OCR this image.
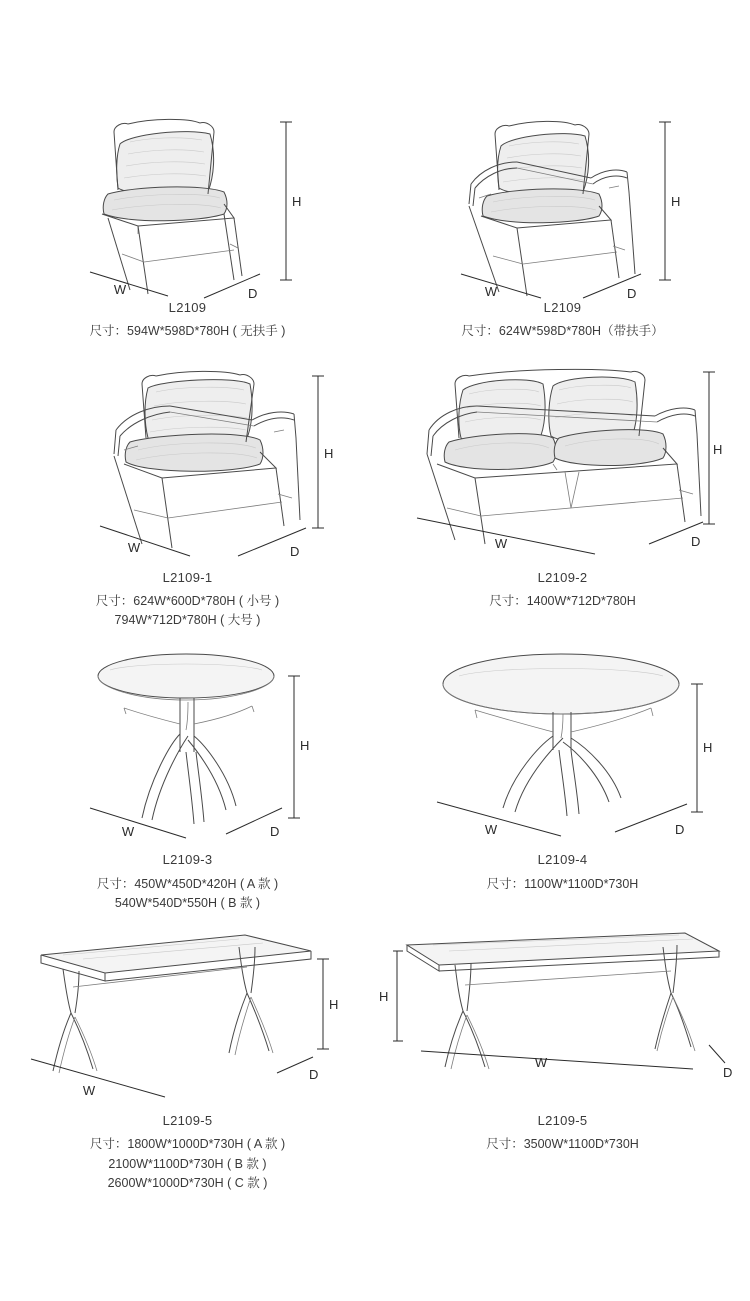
H
W	D
L2109
尺寸：594W*598D*780H ( 无扶手 )
H
W	D
L2109
尺寸：624W*598D*780H（带扶手）
H
W	D
L2109-1
尺寸：624W*600D*780H ( 小号 )
794W*712D*780H ( 大号 )
H
W	D
L2109-2
尺寸：1400W*712D*780H
H
W	D
L2109-3
尺寸：450W*450D*420H ( A 款 )
540W*540D*550H ( B 款 )
H
W	D
L2109-4
尺寸：1100W*1100D*730H
H
W
D
L2109-5
尺寸：1800W*1000D*730H ( A 款 )
2100W*1100D*730H ( B 款 )
2600W*1000D*730H ( C 款 )
H
W
D
L2109-5
尺寸：3500W*1100D*730H
